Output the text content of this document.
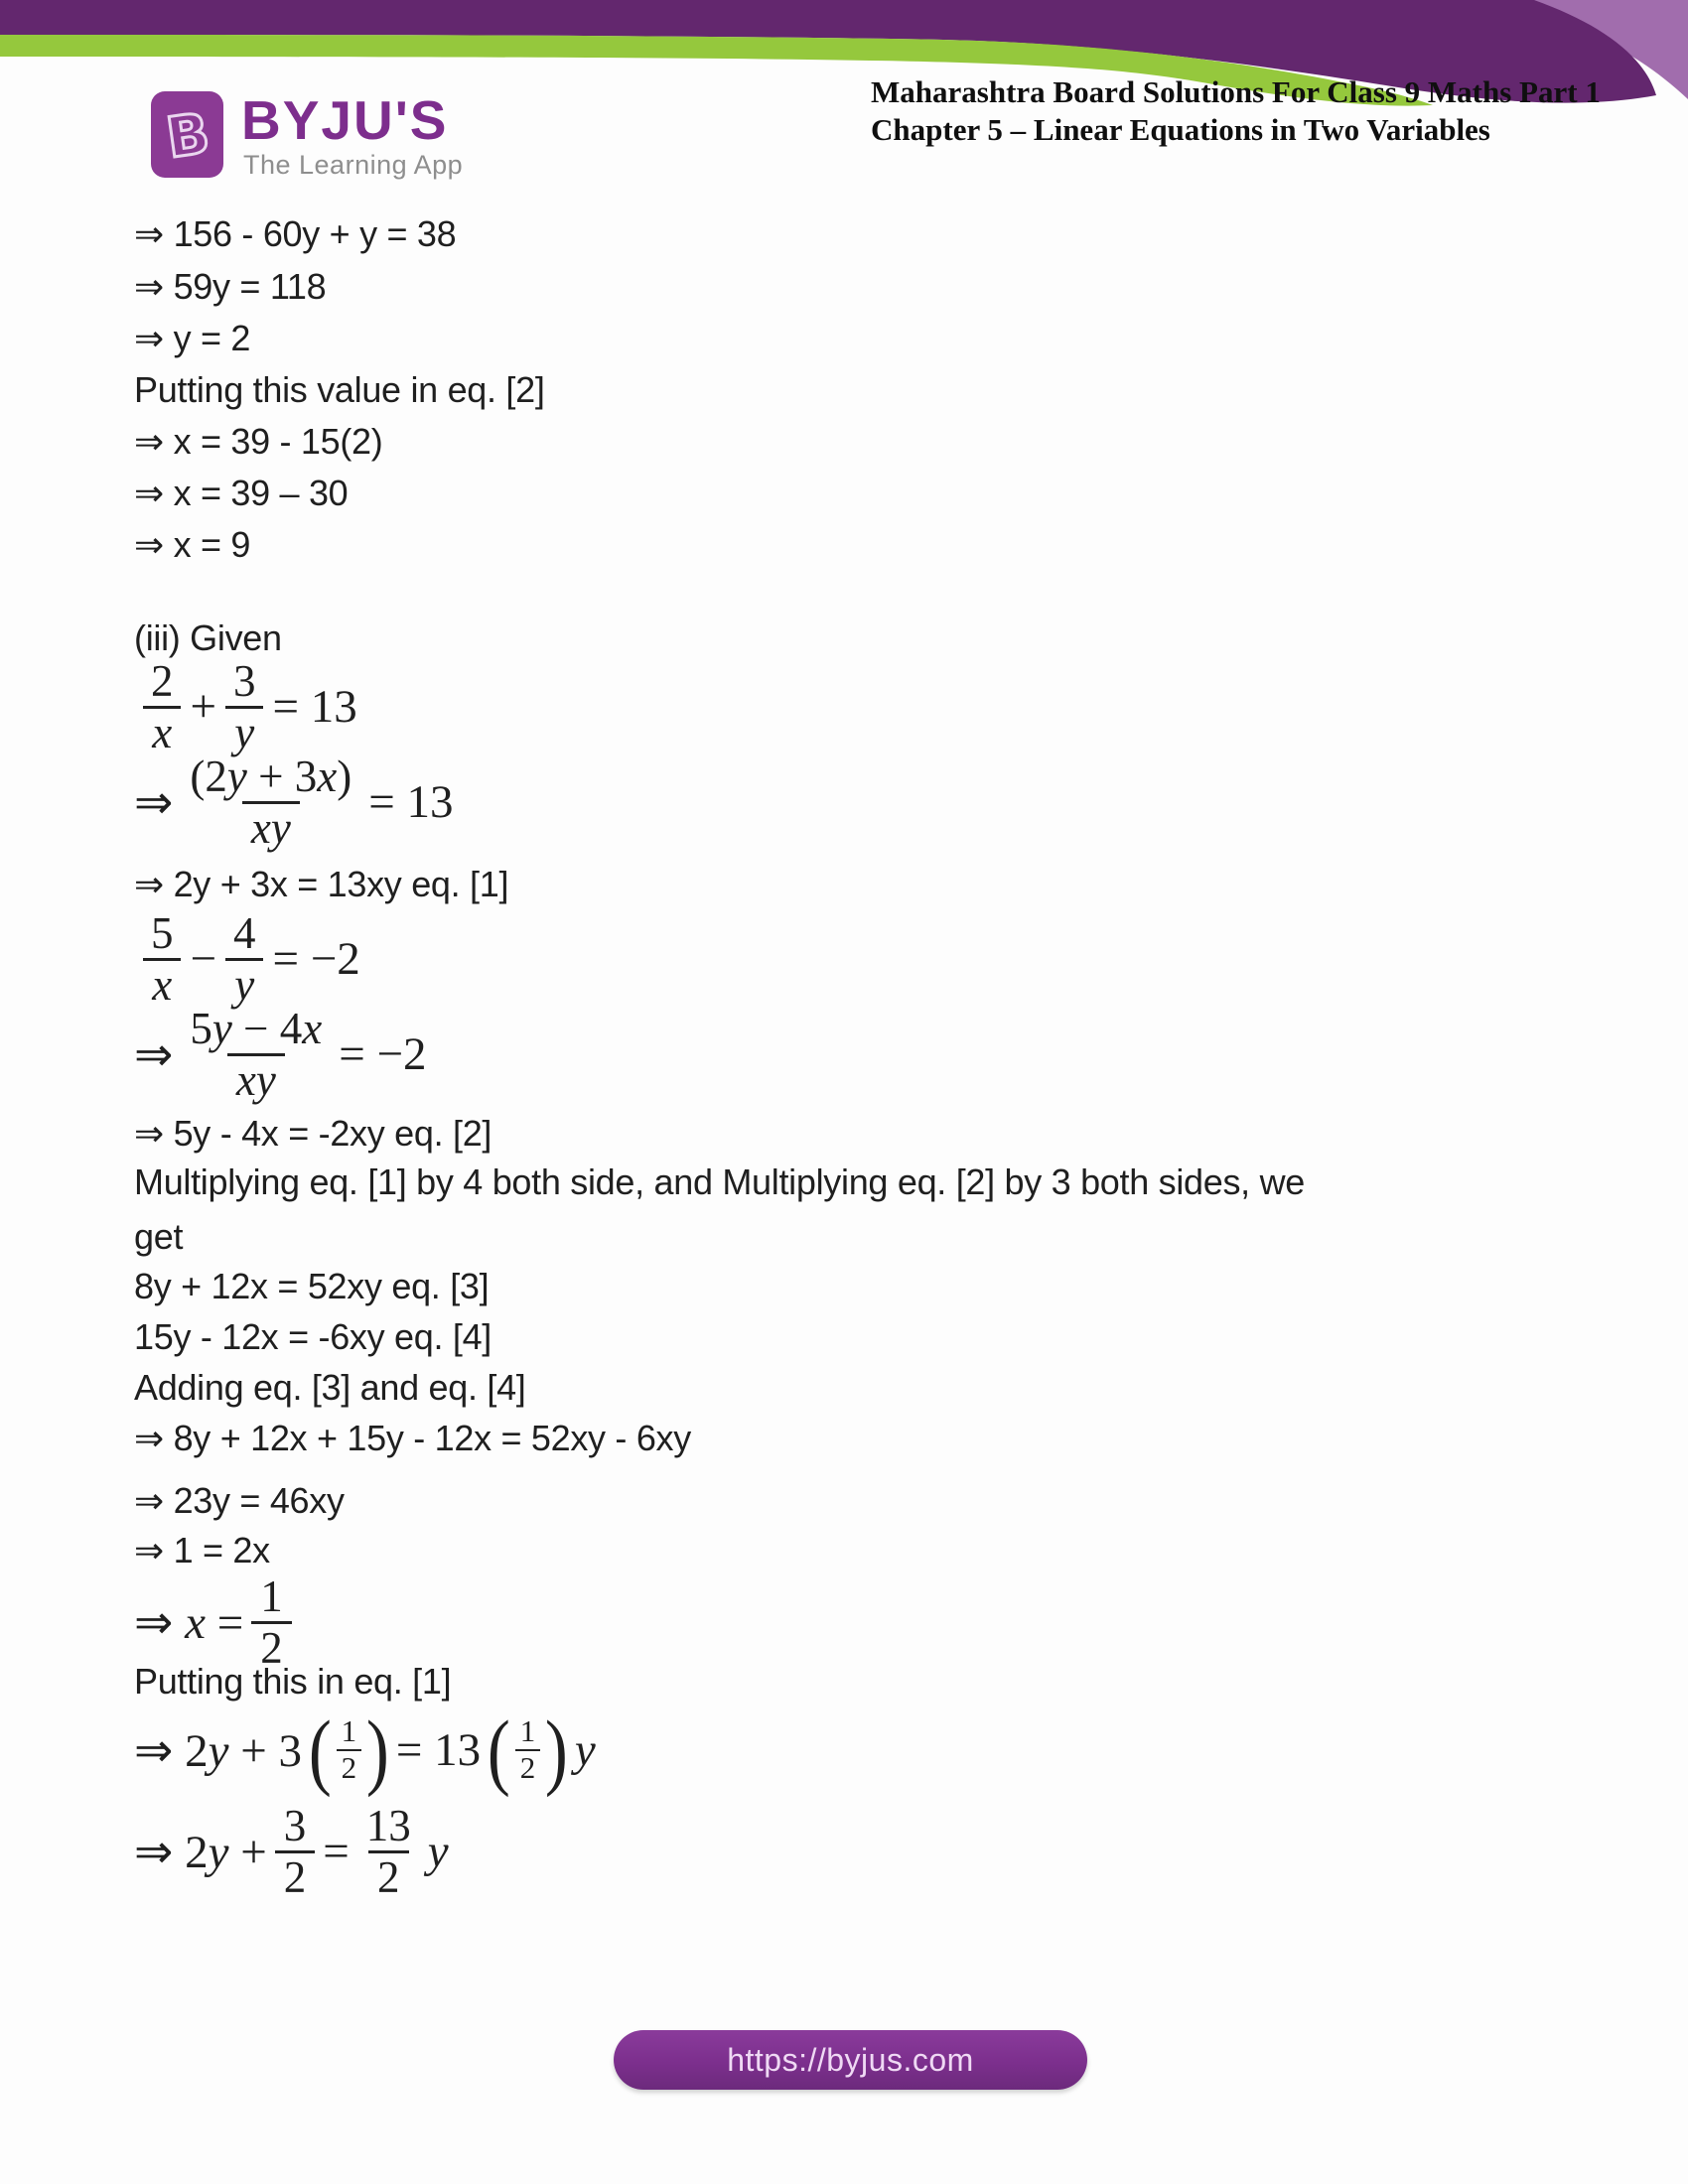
B BYJU'S
The Learning App
Maharashtra Board Solutions For Class 9 Maths Part 1
Chapter 5 – Linear Equations in Two Variables
⇒ 156 - 60y + y = 38
⇒ 59y = 118
⇒ y = 2
Putting this value in eq. [2]
⇒ x = 39 - 15(2)
⇒ x = 39 – 30
⇒ x = 9
(iii) Given
$\frac{2}{x} + \frac{3}{y} = 13$
⇒ $\frac{(2y + 3x)}{xy} = 13$
⇒ 2y + 3x = 13xy eq. [1]
$\frac{5}{x} - \frac{4}{y} = -2$
⇒ $\frac{5y - 4x}{xy} = -2$
⇒ 5y - 4x = -2xy eq. [2]
Multiplying eq. [1] by 4 both side, and Multiplying eq. [2] by 3 both sides, we
get
8y + 12x = 52xy eq. [3]
15y - 12x = -6xy eq. [4]
Adding eq. [3] and eq. [4]
⇒ 8y + 12x + 15y - 12x = 52xy - 6xy
⇒ 23y = 46xy
⇒ 1 = 2x
⇒ $x = \frac{1}{2}$
Putting this in eq. [1]
⇒ 2y + 3 ( $\frac{1}{2}$ ) = 13 ( $\frac{1}{2}$ ) y
⇒ $2y + \frac{3}{2} = \frac{13}{2}$ y
https://byjus.com
